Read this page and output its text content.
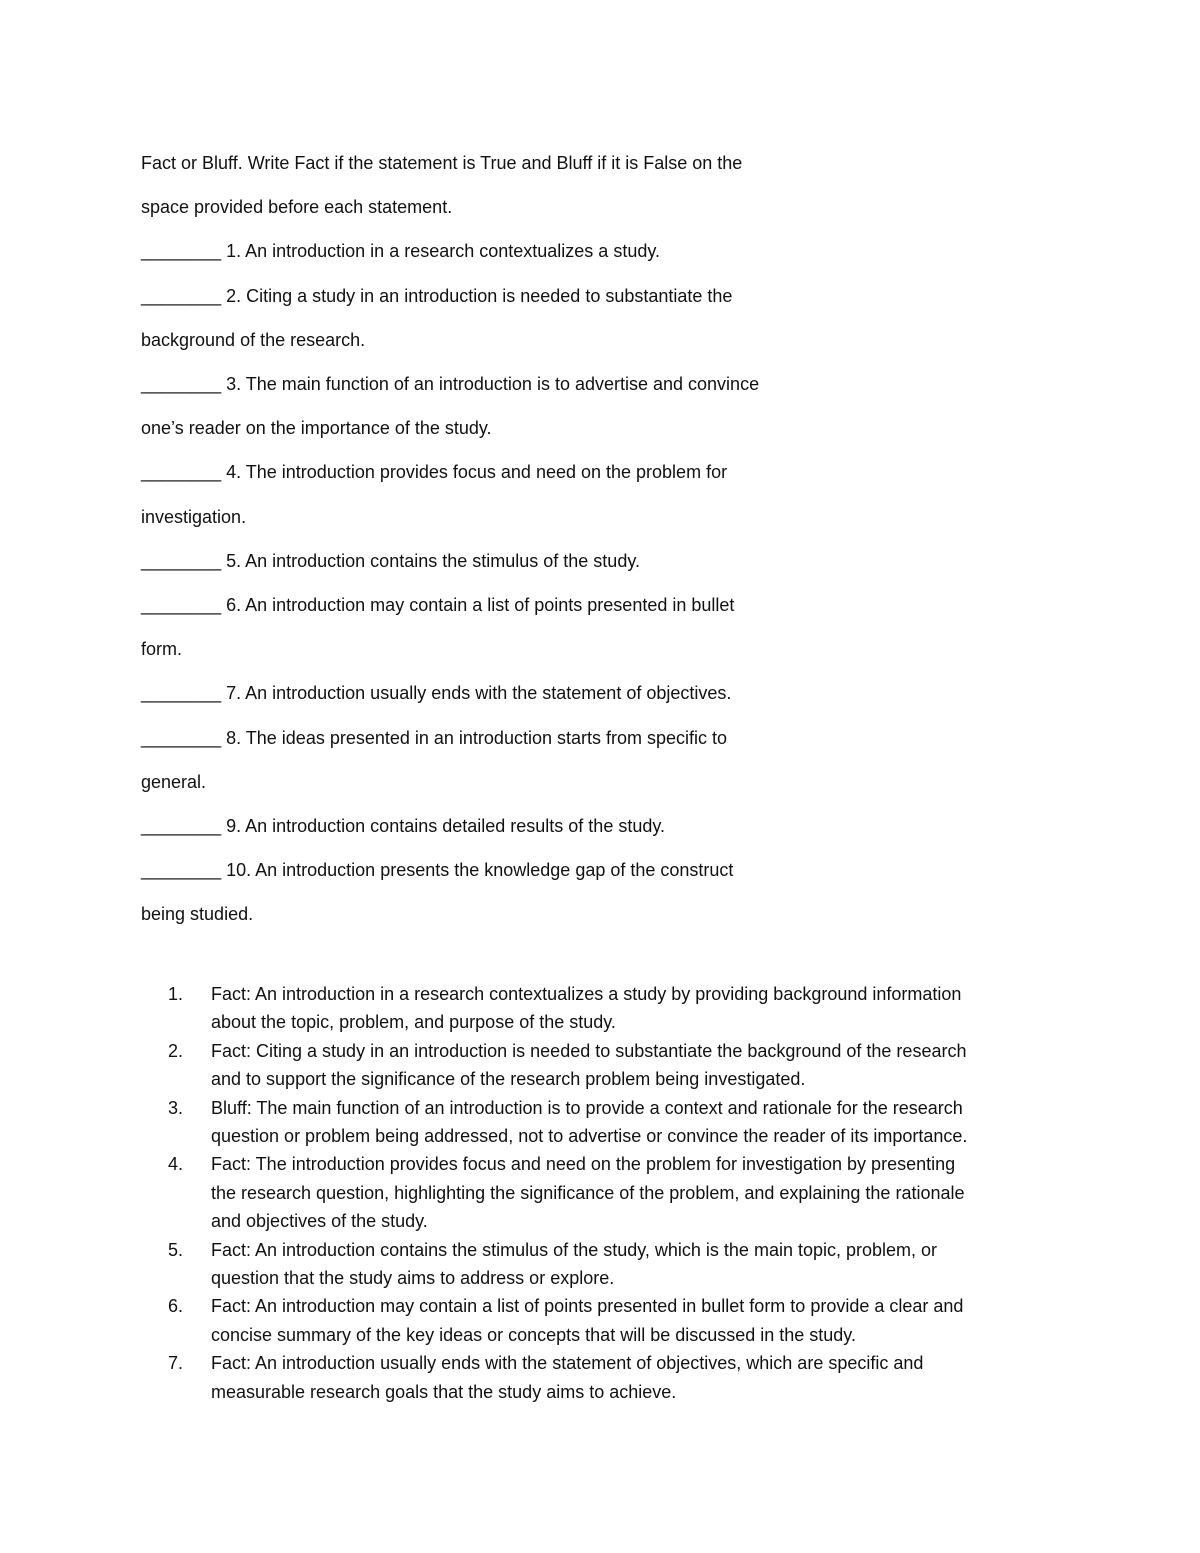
Fact or Bluff. Write Fact if the statement is True and Bluff if it is False on the

space provided before each statement.

________ 1. An introduction in a research contextualizes a study.

________ 2. Citing a study in an introduction is needed to substantiate the

background of the research.

________ 3. The main function of an introduction is to advertise and convince

one’s reader on the importance of the study.

________ 4. The introduction provides focus and need on the problem for

investigation.

________ 5. An introduction contains the stimulus of the study.

________ 6. An introduction may contain a list of points presented in bullet

form.

________ 7. An introduction usually ends with the statement of objectives.

________ 8. The ideas presented in an introduction starts from specific to

general.

________ 9. An introduction contains detailed results of the study.

________ 10. An introduction presents the knowledge gap of the construct

being studied.

1.	Fact: An introduction in a research contextualizes a study by providing background information
about the topic, problem, and purpose of the study.
2.	Fact: Citing a study in an introduction is needed to substantiate the background of the research
and to support the significance of the research problem being investigated.
3.	Bluff: The main function of an introduction is to provide a context and rationale for the research
question or problem being addressed, not to advertise or convince the reader of its importance.
4.	Fact: The introduction provides focus and need on the problem for investigation by presenting
the research question, highlighting the significance of the problem, and explaining the rationale
and objectives of the study.
5.	Fact: An introduction contains the stimulus of the study, which is the main topic, problem, or
question that the study aims to address or explore.
6.	Fact: An introduction may contain a list of points presented in bullet form to provide a clear and
concise summary of the key ideas or concepts that will be discussed in the study.
7.	Fact: An introduction usually ends with the statement of objectives, which are specific and
measurable research goals that the study aims to achieve.
